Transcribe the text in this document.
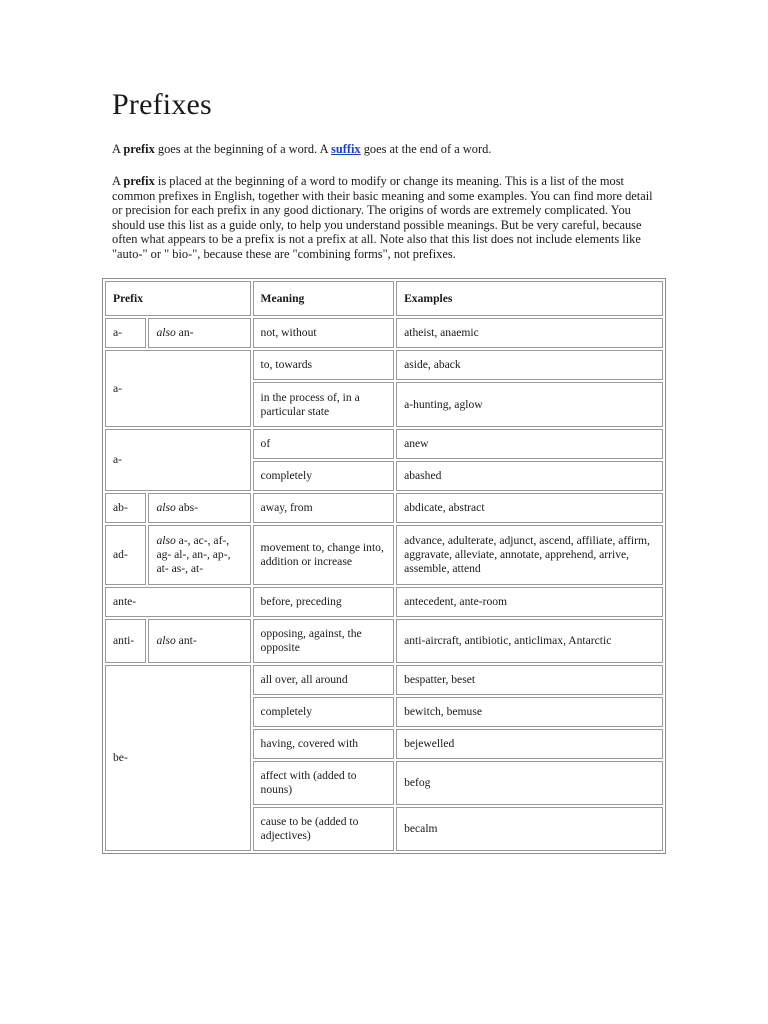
Prefixes

A prefix goes at the beginning of a word. A suffix goes at the end of a word.

A prefix is placed at the beginning of a word to modify or change its meaning. This is a list of the most common prefixes in English, together with their basic meaning and some examples. You can find more detail or precision for each prefix in any good dictionary. The origins of words are extremely complicated. You should use this list as a guide only, to help you understand possible meanings. But be very careful, because often what appears to be a prefix is not a prefix at all. Note also that this list does not include elements like "auto-" or " bio-", because these are "combining forms", not prefixes.

Prefix		Meaning	Examples
a-	also an-	not, without	atheist, anaemic
a-		to, towards	aside, aback
		in the process of, in a particular state	a-hunting, aglow
a-		of	anew
		completely	abashed
ab-	also abs-	away, from	abdicate, abstract
ad-	also a-, ac-, af-, ag- al-, an-, ap-, at- as-, at-	movement to, change into, addition or increase	advance, adulterate, adjunct, ascend, affiliate, affirm, aggravate, alleviate, annotate, apprehend, arrive, assemble, attend
ante-		before, preceding	antecedent, ante-room
anti-	also ant-	opposing, against, the opposite	anti-aircraft, antibiotic, anticlimax, Antarctic
be-		all over, all around	bespatter, beset
		completely	bewitch, bemuse
		having, covered with	bejewelled
		affect with (added to nouns)	befog
		cause to be (added to adjectives)	becalm
